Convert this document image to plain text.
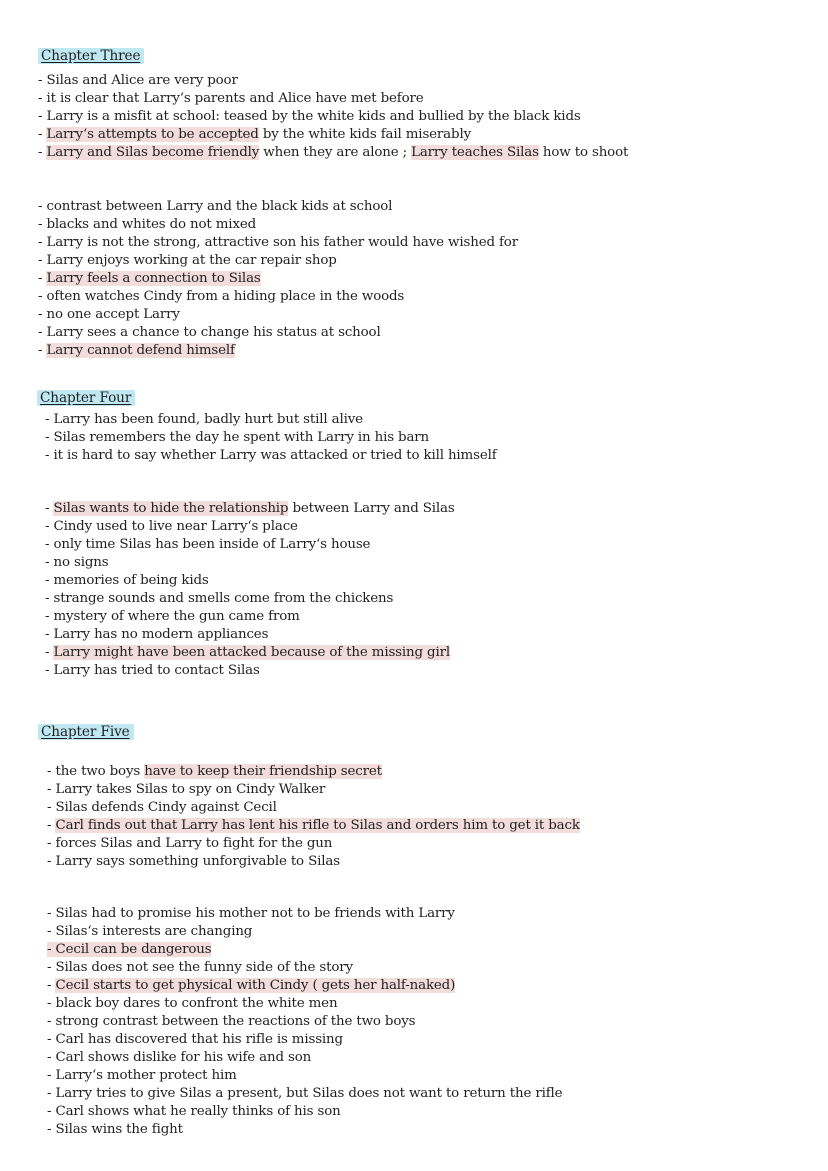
Chapter Three
- Silas and Alice are very poor
- it is clear that Larry‘s parents and Alice have met before
- Larry is a misfit at school: teased by the white kids and bullied by the black kids
- Larry‘s attempts to be accepted by the white kids fail miserably
- Larry and Silas become friendly when they are alone ; Larry teaches Silas how to shoot
- contrast between Larry and the black kids at school
- blacks and whites do not mixed
- Larry is not the strong, attractive son his father would have wished for
- Larry enjoys working at the car repair shop
- Larry feels a connection to Silas
- often watches Cindy from a hiding place in the woods
- no one accept Larry
- Larry sees a chance to change his status at school
- Larry cannot defend himself
Chapter Four
- Larry has been found, badly hurt but still alive
- Silas remembers the day he spent with Larry in his barn
- it is hard to say whether Larry was attacked or tried to kill himself
- Silas wants to hide the relationship between Larry and Silas
- Cindy used to live near Larry‘s place
- only time Silas has been inside of Larry‘s house
- no signs
- memories of being kids
- strange sounds and smells come from the chickens
- mystery of where the gun came from
- Larry has no modern appliances
- Larry might have been attacked because of the missing girl
- Larry has tried to contact Silas
Chapter Five
- the two boys have to keep their friendship secret
- Larry takes Silas to spy on Cindy Walker
- Silas defends Cindy against Cecil
- Carl finds out that Larry has lent his rifle to Silas and orders him to get it back
- forces Silas and Larry to fight for the gun
- Larry says something unforgivable to Silas
- Silas had to promise his mother not to be friends with Larry
- Silas‘s interests are changing
- Cecil can be dangerous
- Silas does not see the funny side of the story
- Cecil starts to get physical with Cindy ( gets her half-naked)
- black boy dares to confront the white men
- strong contrast between the reactions of the two boys
- Carl has discovered that his rifle is missing
- Carl shows dislike for his wife and son
- Larry‘s mother protect him
- Larry tries to give Silas a present, but Silas does not want to return the rifle
- Carl shows what he really thinks of his son
- Silas wins the fight
